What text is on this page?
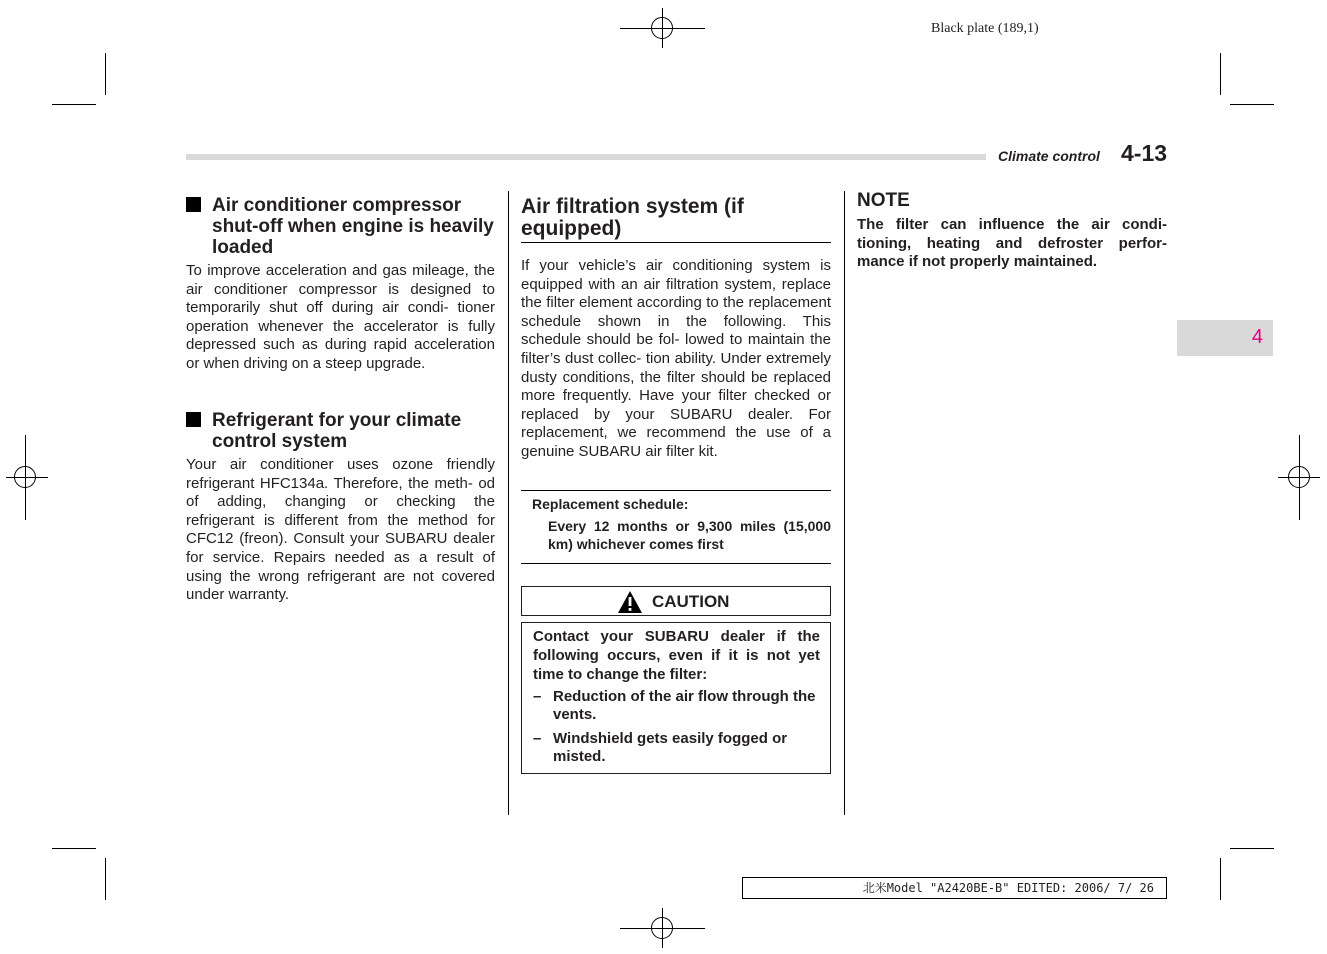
Black plate (189,1)
Climate control 4-13
4
Air conditioner compressor shut-off when engine is heavily loaded
To improve acceleration and gas mileage, the air conditioner compressor is designed to temporarily shut off during air condi- tioner operation whenever the accelerator is fully depressed such as during rapid acceleration or when driving on a steep upgrade.
Refrigerant for your climate control system
Your air conditioner uses ozone friendly refrigerant HFC134a. Therefore, the meth- od of adding, changing or checking the refrigerant is different from the method for CFC12 (freon). Consult your SUBARU dealer for service. Repairs needed as a result of using the wrong refrigerant are not covered under warranty.
Air filtration system (if equipped)
If your vehicle’s air conditioning system is equipped with an air filtration system, replace the filter element according to the replacement schedule shown in the following. This schedule should be fol- lowed to maintain the filter’s dust collec- tion ability. Under extremely dusty conditions, the filter should be replaced more frequently. Have your filter checked or replaced by your SUBARU dealer. For replacement, we recommend the use of a genuine SUBARU air filter kit.
Replacement schedule:
Every 12 months or 9,300 miles (15,000 km) whichever comes first
CAUTION
Contact your SUBARU dealer if the following occurs, even if it is not yet time to change the filter:
– Reduction of the air flow through the vents.
– Windshield gets easily fogged or misted.
NOTE
The filter can influence the air condi- tioning, heating and defroster perfor- mance if not properly maintained.
北米Model "A2420BE-B" EDITED: 2006/ 7/ 26
